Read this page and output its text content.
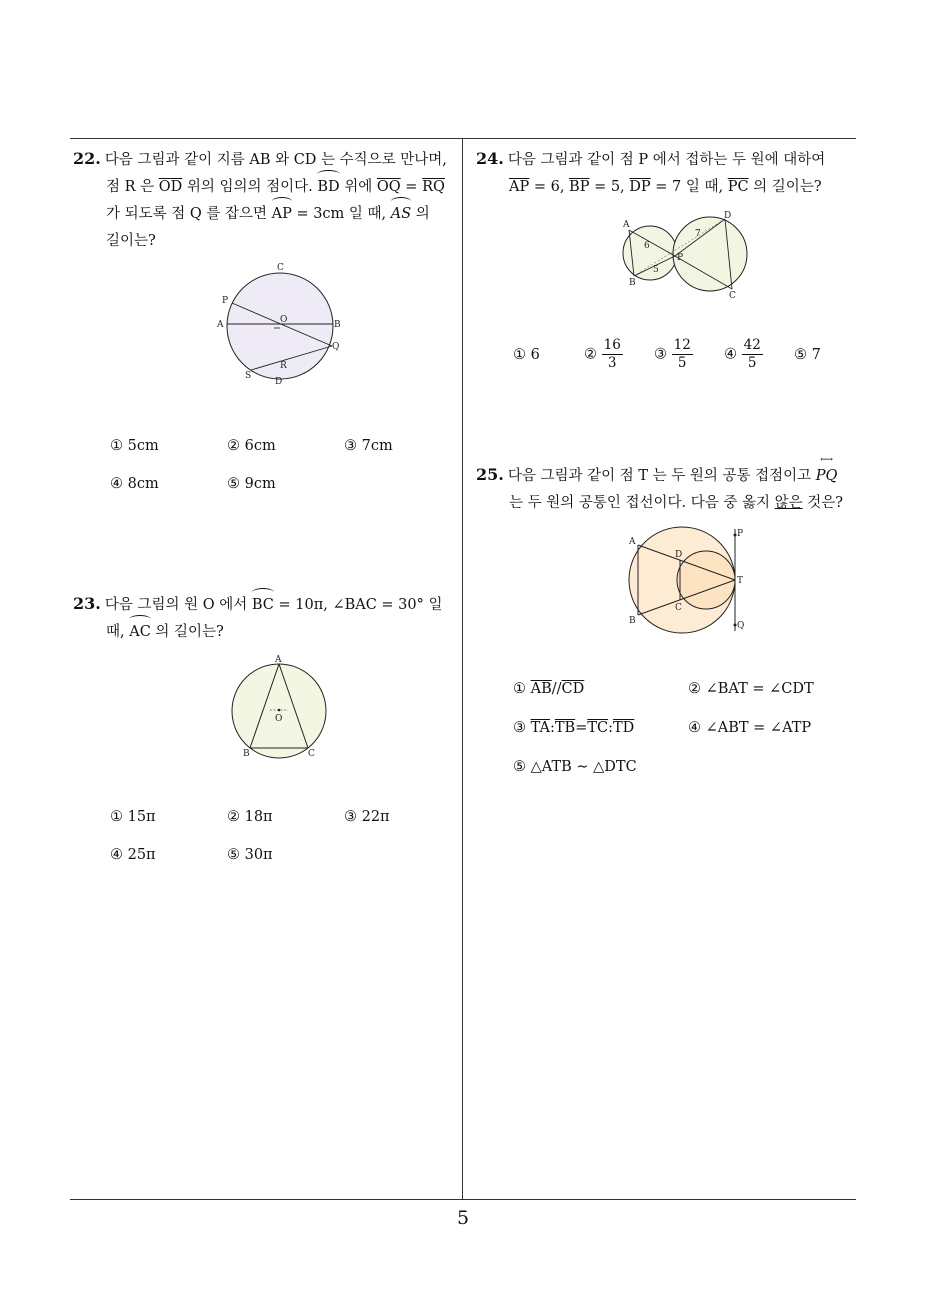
22. 다음 그림과 같이 지름 AB 와 CD 는 수직으로 만나며,
점 R 은 $\overline{OD}$ 위의 임의의 점이다. BD 위에 $\overline{OQ} = \overline{RQ}$
가 되도록 점 Q 를 잡으면 AP = 3cm 일 때, AS 의
길이는?
C
P
A	O	B
Q
R
S
D
① 5cm	② 6cm	③ 7cm
④ 8cm	⑤ 9cm
23. 다음 그림의 원 O 에서 BC = 10π, ∠BAC = 30° 일
때, AC 의 길이는?
A
O
B	C
① 15π	② 18π	③ 22π
④ 25π	⑤ 30π
24. 다음 그림과 같이 점 P 에서 접하는 두 원에 대하여
$\overline{AP} = 6$, $\overline{BP} = 5$, $\overline{DP} = 7$ 일 때, $\overline{PC}$ 의 길이는?
A
6
5
B
P
7
D
C
① 6	② $\frac{16}{3}$ ③ $\frac{12}{5}$ ④ $\frac{42}{5}$ ⑤ 7
25. 다음 그림과 같이 점 T 는 두 원의 공통 접점이고
⟷
PQ
는 두 원의 공통인 접선이다. 다음 중 옳지 않은 것은?
A
D
P
T
C
B	Q
① $\overline{AB}//\overline{CD}$	② ∠BAT = ∠CDT
③ $\overline{TA}:\overline{TB}=\overline{TC}:\overline{TD}$	④ ∠ABT = ∠ATP
⑤ △ATB ∼ △DTC
5
